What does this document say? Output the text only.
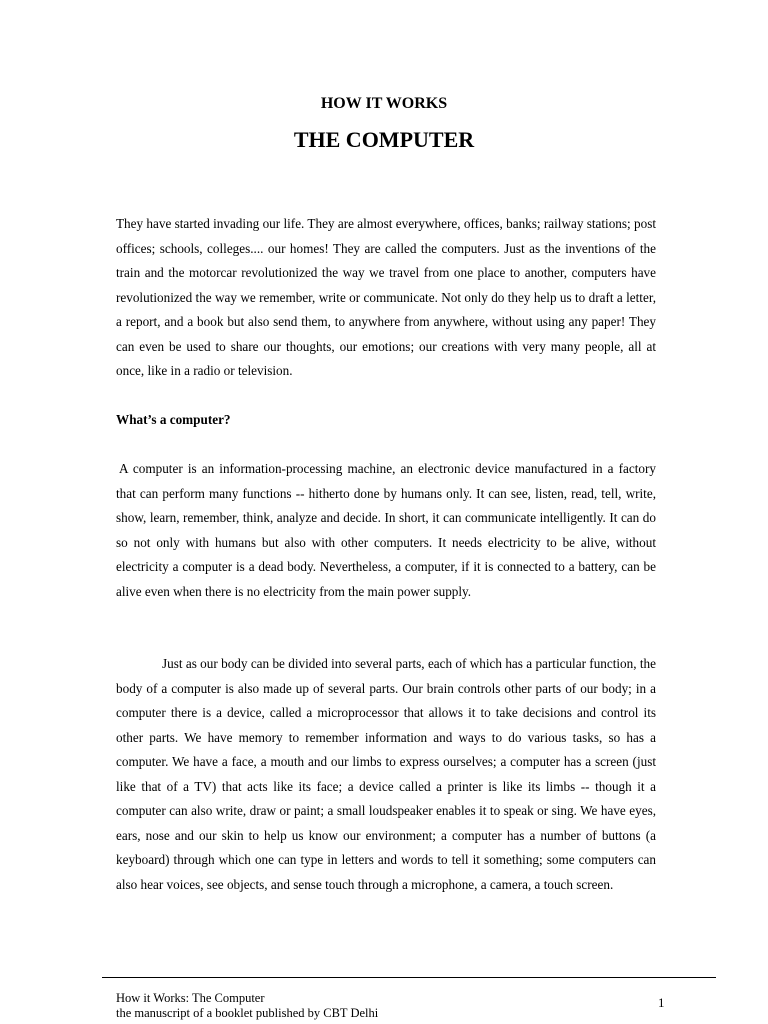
HOW IT WORKS
THE COMPUTER
They have started invading our life. They are almost everywhere, offices, banks; railway stations; post offices; schools, colleges.... our homes! They are called the computers. Just as the inventions of the train and the motorcar revolutionized the way we travel from one place to another, computers have revolutionized the way we remember, write or communicate. Not only do they help us to draft a letter, a report, and a book but also send them, to anywhere from anywhere, without using any paper! They can even be used to share our thoughts, our emotions; our creations with very many people, all at once, like in a radio or television.
What’s a computer?
A computer is an information-processing machine, an electronic device manufactured in a factory that can perform many functions -- hitherto done by humans only. It can see, listen, read, tell, write, show, learn, remember, think, analyze and decide. In short, it can communicate intelligently. It can do so not only with humans but also with other computers. It needs electricity to be alive, without electricity a computer is a dead body. Nevertheless, a computer, if it is connected to a battery, can be alive even when there is no electricity from the main power supply.
Just as our body can be divided into several parts, each of which has a particular function, the body of a computer is also made up of several parts. Our brain controls other parts of our body; in a computer there is a device, called a microprocessor that allows it to take decisions and control its other parts. We have memory to remember information and ways to do various tasks, so has a computer. We have a face, a mouth and our limbs to express ourselves; a computer has a screen (just like that of a TV) that acts like its face; a device called a printer is like its limbs -- though it a computer can also write, draw or paint; a small loudspeaker enables it to speak or sing. We have eyes, ears, nose and our skin to help us know our environment; a computer has a number of buttons (a keyboard) through which one can type in letters and words to tell it something; some computers can also hear voices, see objects, and sense touch through a microphone, a camera, a touch screen.
How it Works: The Computer
the manuscript of a booklet published by CBT Delhi
1
